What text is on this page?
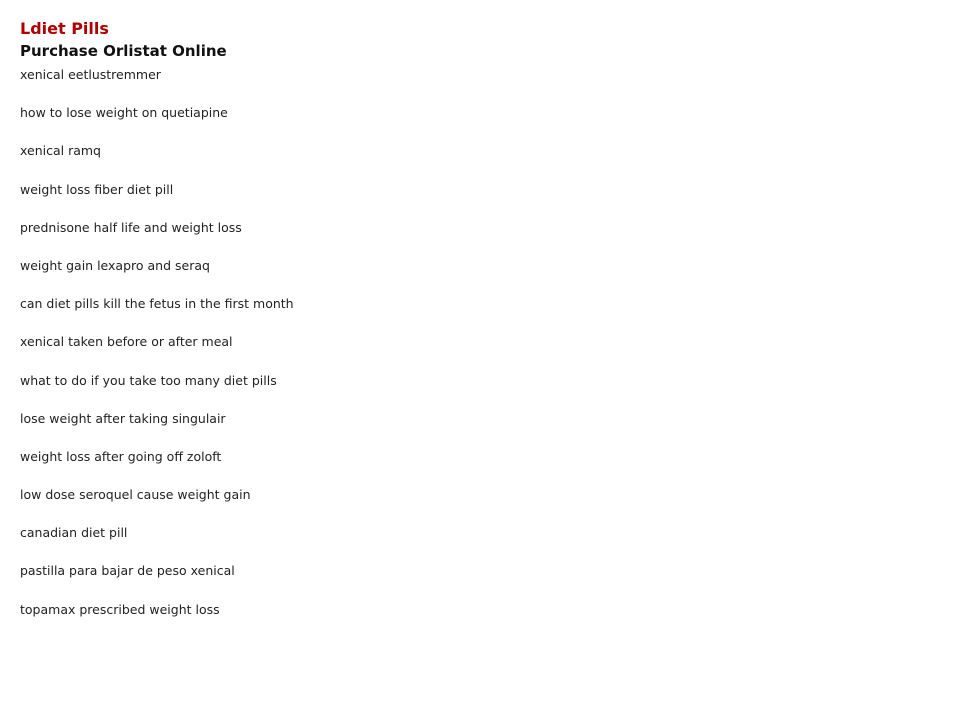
Ldiet Pills
Purchase Orlistat Online
xenical eetlustremmer
how to lose weight on quetiapine
xenical ramq
weight loss fiber diet pill
prednisone half life and weight loss
weight gain lexapro and seraq
can diet pills kill the fetus in the first month
xenical taken before or after meal
what to do if you take too many diet pills
lose weight after taking singulair
weight loss after going off zoloft
low dose seroquel cause weight gain
canadian diet pill
pastilla para bajar de peso xenical
topamax prescribed weight loss
